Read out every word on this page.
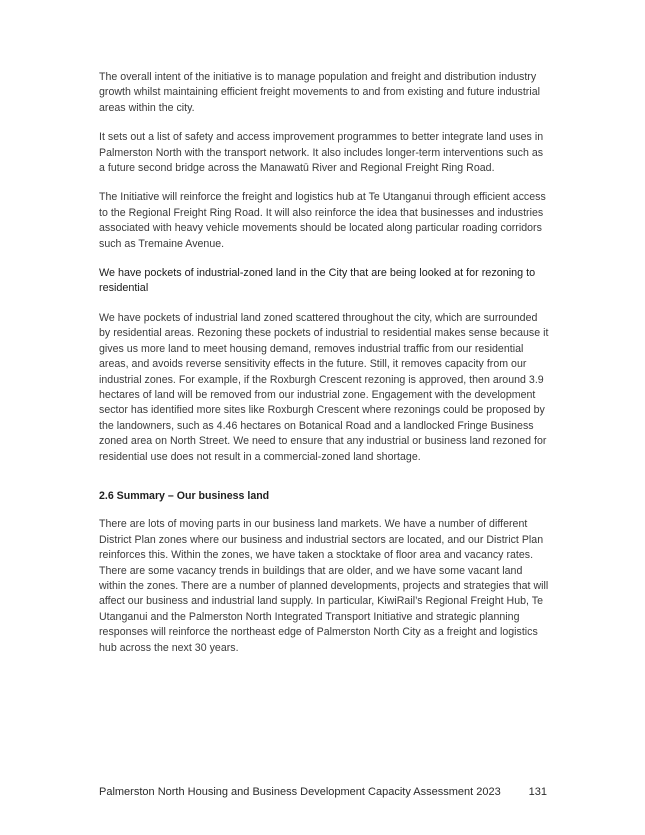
The overall intent of the initiative is to manage population and freight and distribution industry growth whilst maintaining efficient freight movements to and from existing and future industrial areas within the city.

It sets out a list of safety and access improvement programmes to better integrate land uses in Palmerston North with the transport network. It also includes longer-term interventions such as a future second bridge across the Manawatū River and Regional Freight Ring Road.

The Initiative will reinforce the freight and logistics hub at Te Utanganui through efficient access to the Regional Freight Ring Road. It will also reinforce the idea that businesses and industries associated with heavy vehicle movements should be located along particular roading corridors such as Tremaine Avenue.

We have pockets of industrial-zoned land in the City that are being looked at for rezoning to residential

We have pockets of industrial land zoned scattered throughout the city, which are surrounded by residential areas. Rezoning these pockets of industrial to residential makes sense because it gives us more land to meet housing demand, removes industrial traffic from our residential areas, and avoids reverse sensitivity effects in the future. Still, it removes capacity from our industrial zones. For example, if the Roxburgh Crescent rezoning is approved, then around 3.9 hectares of land will be removed from our industrial zone. Engagement with the development sector has identified more sites like Roxburgh Crescent where rezonings could be proposed by the landowners, such as 4.46 hectares on Botanical Road and a landlocked Fringe Business zoned area on North Street. We need to ensure that any industrial or business land rezoned for residential use does not result in a commercial-zoned land shortage.

2.6 Summary – Our business land

There are lots of moving parts in our business land markets. We have a number of different District Plan zones where our business and industrial sectors are located, and our District Plan reinforces this. Within the zones, we have taken a stocktake of floor area and vacancy rates. There are some vacancy trends in buildings that are older, and we have some vacant land within the zones. There are a number of planned developments, projects and strategies that will affect our business and industrial land supply. In particular, KiwiRail’s Regional Freight Hub, Te Utanganui and the Palmerston North Integrated Transport Initiative and strategic planning responses will reinforce the northeast edge of Palmerston North City as a freight and logistics hub across the next 30 years.

Palmerston North Housing and Business Development Capacity Assessment 2023	131
